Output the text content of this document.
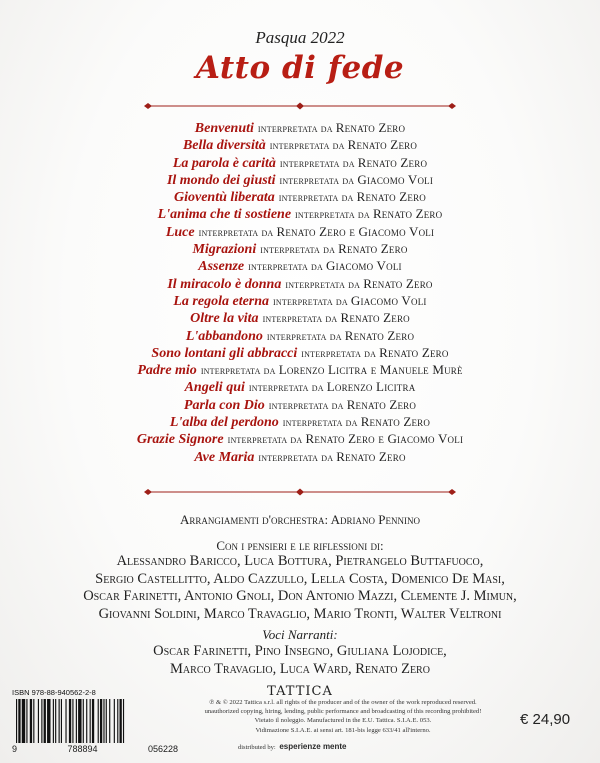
Pasqua 2022
Atto di fede
Benvenuti interpretata da Renato Zero
Bella diversità interpretata da Renato Zero
La parola è carità interpretata da Renato Zero
Il mondo dei giusti interpretata da Giacomo Voli
Gioventù liberata interpretata da Renato Zero
L'anima che ti sostiene interpretata da Renato Zero
Luce interpretata da Renato Zero e Giacomo Voli
Migrazioni interpretata da Renato Zero
Assenze interpretata da Giacomo Voli
Il miracolo è donna interpretata da Renato Zero
La regola eterna interpretata da Giacomo Voli
Oltre la vita interpretata da Renato Zero
L'abbandono interpretata da Renato Zero
Sono lontani gli abbracci interpretata da Renato Zero
Padre mio interpretata da Lorenzo Licitra e Manuele Murè
Angeli qui interpretata da Lorenzo Licitra
Parla con Dio interpretata da Renato Zero
L'alba del perdono interpretata da Renato Zero
Grazie Signore interpretata da Renato Zero e Giacomo Voli
Ave Maria interpretata da Renato Zero
Arrangiamenti d'orchestra: Adriano Pennino
Con i pensieri e le riflessioni di:
Alessandro Baricco, Luca Bottura, Pietrangelo Buttafuoco,
Sergio Castellitto, Aldo Cazzullo, Lella Costa, Domenico De Masi,
Oscar Farinetti, Antonio Gnoli, Don Antonio Mazzi, Clemente J. Mimun,
Giovanni Soldini, Marco Travaglio, Mario Tronti, Walter Veltroni
Voci Narranti:
Oscar Farinetti, Pino Insegno, Giuliana Lojodice,
Marco Travaglio, Luca Ward, Renato Zero
ISBN 978-88-940562-2-8
9	788894	056228
TATTICA
℗ & © 2022 Tattica s.r.l. all rights of the producer and of the owner of the work reproduced reserved.
unauthorized copying, hiring, lending, public performance and broadcasting of this recording prohibited!
Vietato il noleggio. Manufactured in the E.U. Tattica. S.I.A.E. 053.
Vidimazione S.I.A.E. ai sensi art. 181-bis legge 633/41 all'interno.
distributed by: esperienze mente
€ 24,90
